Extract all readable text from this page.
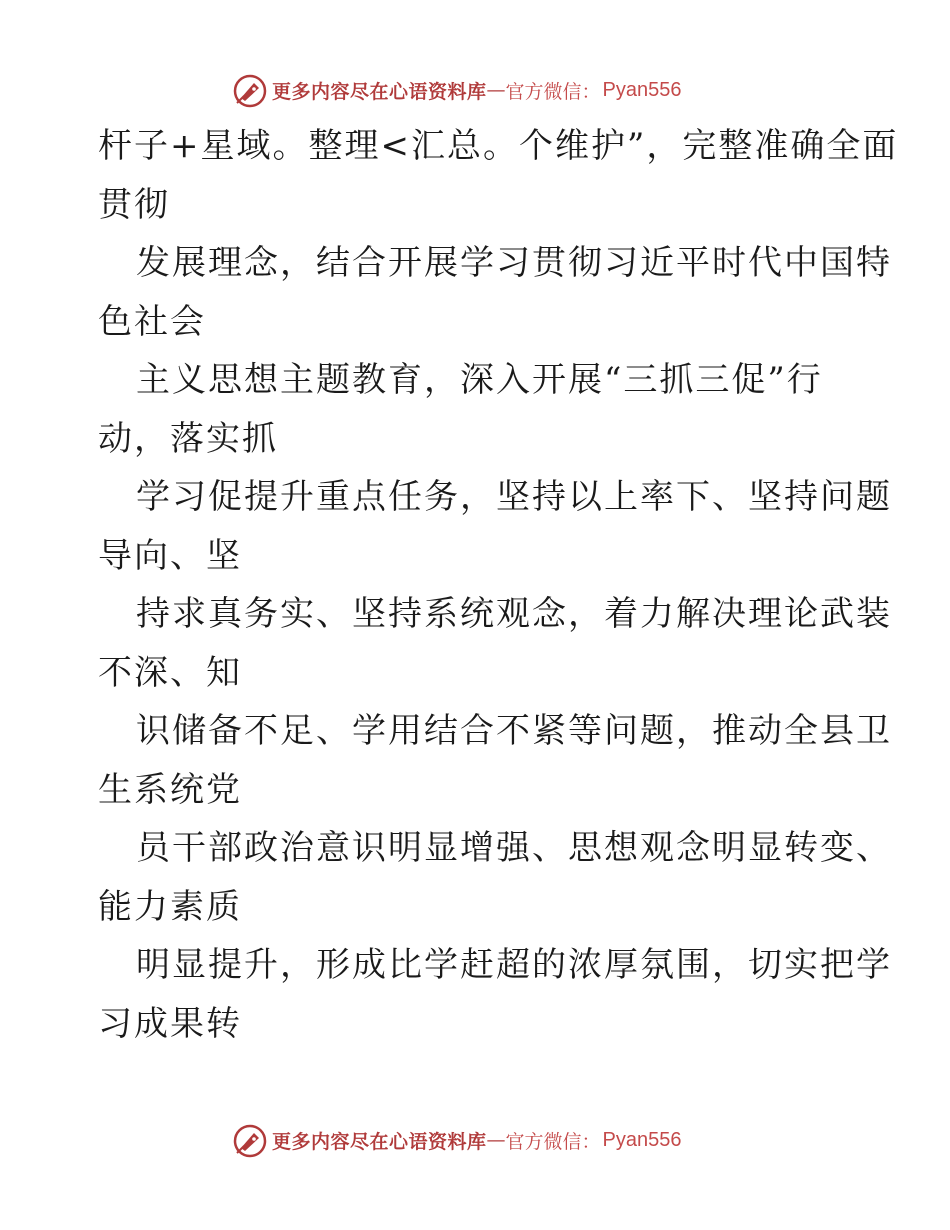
更多内容尽在心语资料库 — 官方微信： Pyan556
杆子+星域。整理<汇总。个维护”，完整准确全面
贯彻
发展理念，结合开展学习贯彻习近平时代中国特
色社会
主义思想主题教育，深入开展“三抓三促”行
动，落实抓
学习促提升重点任务，坚持以上率下、坚持问题
导向、坚
持求真务实、坚持系统观念，着力解决理论武装
不深、知
识储备不足、学用结合不紧等问题，推动全县卫
生系统党
员干部政治意识明显增强、思想观念明显转变、
能力素质
明显提升，形成比学赶超的浓厚氛围，切实把学
习成果转
更多内容尽在心语资料库 — 官方微信： Pyan556
